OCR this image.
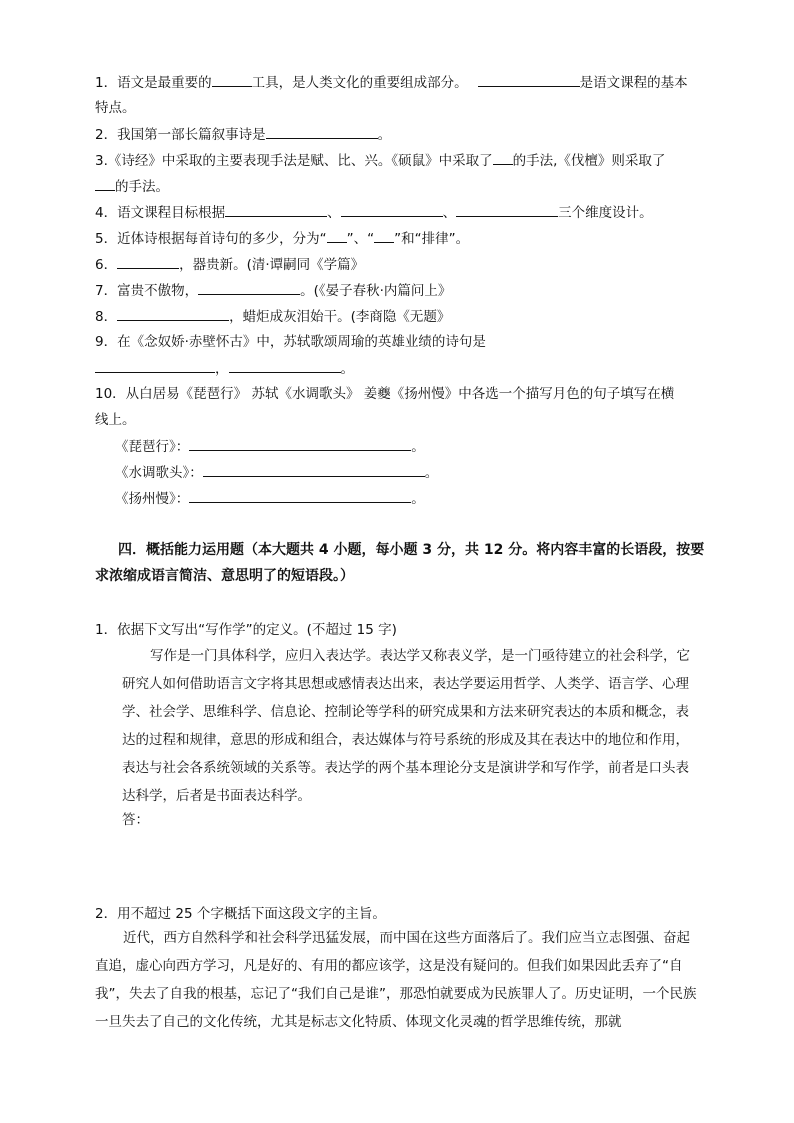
1．语文是最重要的	工具，是人类文化的重要组成部分。	是语文课程的基本
特点。
2．我国第一部长篇叙事诗是	。
3.《诗经》中采取的主要表现手法是赋、比、兴。《硕鼠》中采取了 的手法,《伐檀》则采取了
的手法。
4．语文课程目标根据	、	、	三个维度设计。
5．近体诗根据每首诗句的多少，分为“ ”、“ ”和“排律”。
6．	，器贵新。(清·谭嗣同《学篇》
7．富贵不傲物，	。(《晏子春秋·内篇问上》
8．	，蜡炬成灰泪始干。(李商隐《无题》
9．在《念奴娇·赤壁怀古》中，苏轼歌颂周瑜的英雄业绩的诗句是
，	。
10．从白居易《琵琶行》 苏轼《水调歌头》 姜夔《扬州慢》中各选一个描写月色的句子填写在横
线上。
《琵琶行》：	。
《水调歌头》：	。
《扬州慢》：	。
四．概括能力运用题（本大题共 4 小题，每小题 3 分，共 12 分。将内容丰富的长语段，按要
求浓缩成语言简洁、意思明了的短语段。）
1．依据下文写出“写作学”的定义。(不超过 15 字)
写作是一门具体科学，应归入表达学。表达学又称表义学，是一门亟待建立的社会科学，它研究人如何借助语言文字将其思想或感情表达出来，表达学要运用哲学、人类学、语言学、心理学、社会学、思维科学、信息论、控制论等学科的研究成果和方法来研究表达的本质和概念，表达的过程和规律，意思的形成和组合，表达媒体与符号系统的形成及其在表达中的地位和作用，表达与社会各系统领域的关系等。表达学的两个基本理论分支是演讲学和写作学，前者是口头表达科学，后者是书面表达科学。
答：
2．用不超过 25 个字概括下面这段文字的主旨。
近代，西方自然科学和社会科学迅猛发展，而中国在这些方面落后了。我们应当立志图强、奋起直追，虚心向西方学习，凡是好的、有用的都应该学，这是没有疑问的。但我们如果因此丢弃了“自我”，失去了自我的根基，忘记了“我们自己是谁”，那恐怕就要成为民族罪人了。历史证明，一个民族一旦失去了自己的文化传统，尤其是标志文化特质、体现文化灵魂的哲学思维传统，那就
